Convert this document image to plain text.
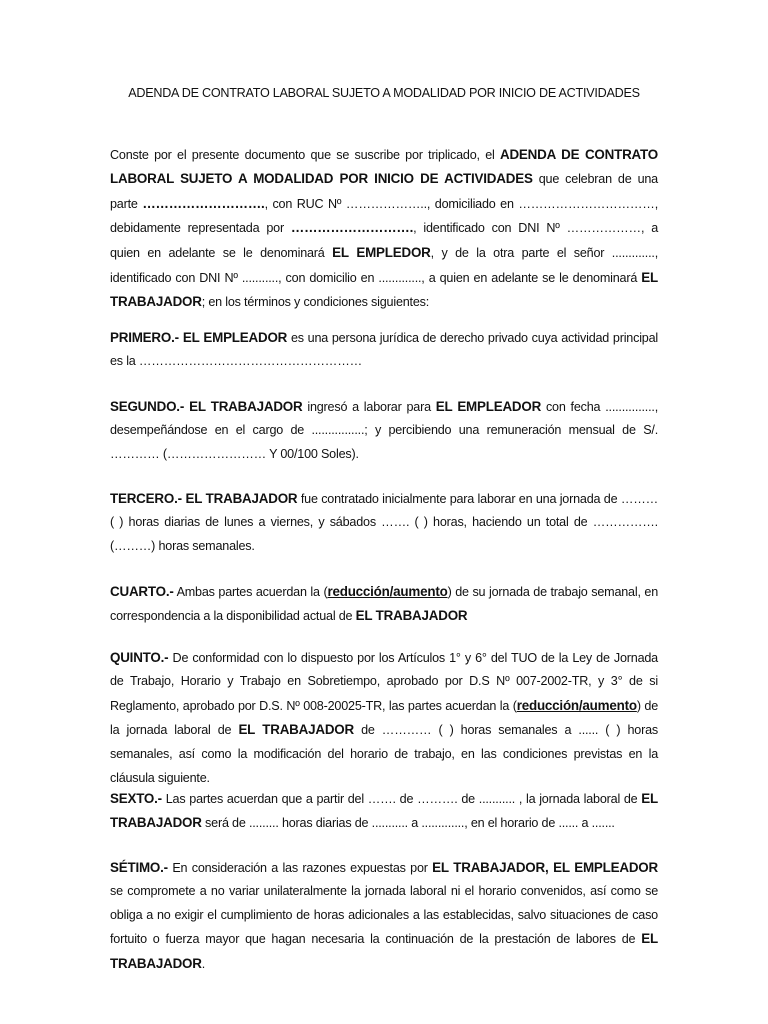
ADENDA DE CONTRATO LABORAL SUJETO A MODALIDAD POR INICIO DE ACTIVIDADES

Conste por el presente documento que se suscribe por triplicado, el ADENDA DE CONTRATO LABORAL SUJETO A MODALIDAD POR INICIO DE ACTIVIDADES que celebran de una parte ………………………., con RUC Nº ……………….., domiciliado en ……………………………, debidamente representada por ………………………., identificado con DNI Nº ………………, a quien en adelante se le denominará EL EMPLEDOR, y de la otra parte el señor ............., identificado con DNI Nº ..........., con domicilio en ............., a quien en adelante se le denominará EL TRABAJADOR; en los términos y condiciones siguientes:

PRIMERO.- EL EMPLEADOR es una persona jurídica de derecho privado cuya actividad principal es la ………………………………………………

SEGUNDO.- EL TRABAJADOR ingresó a laborar para EL EMPLEADOR con fecha ..............., desempeñándose en el cargo de ................; y percibiendo una remuneración mensual de S/. ………… (…………………… Y 00/100 Soles).

TERCERO.- EL TRABAJADOR fue contratado inicialmente para laborar en una jornada de ……… ( ) horas diarias de lunes a viernes, y sábados ……. ( ) horas, haciendo un total de ……………. (………) horas semanales.

CUARTO.- Ambas partes acuerdan la (reducción/aumento) de su jornada de trabajo semanal, en correspondencia a la disponibilidad actual de EL TRABAJADOR

QUINTO.- De conformidad con lo dispuesto por los Artículos 1° y 6° del TUO de la Ley de Jornada de Trabajo, Horario y Trabajo en Sobretiempo, aprobado por D.S Nº 007-2002-TR, y 3° de si Reglamento, aprobado por D.S. Nº 008-20025-TR, las partes acuerdan la (reducción/aumento) de la jornada laboral de EL TRABAJADOR de ………… ( ) horas semanales a ...... ( ) horas semanales, así como la modificación del horario de trabajo, en las condiciones previstas en la cláusula siguiente.

SEXTO.- Las partes acuerdan que a partir del ……. de ………. de ........... , la jornada laboral de EL TRABAJADOR será de ......... horas diarias de ........... a ............., en el horario de ...... a .......

SÉTIMO.- En consideración a las razones expuestas por EL TRABAJADOR, EL EMPLEADOR se compromete a no variar unilateralmente la jornada laboral ni el horario convenidos, así como se obliga a no exigir el cumplimiento de horas adicionales a las establecidas, salvo situaciones de caso fortuito o fuerza mayor que hagan necesaria la continuación de la prestación de labores de EL TRABAJADOR.
